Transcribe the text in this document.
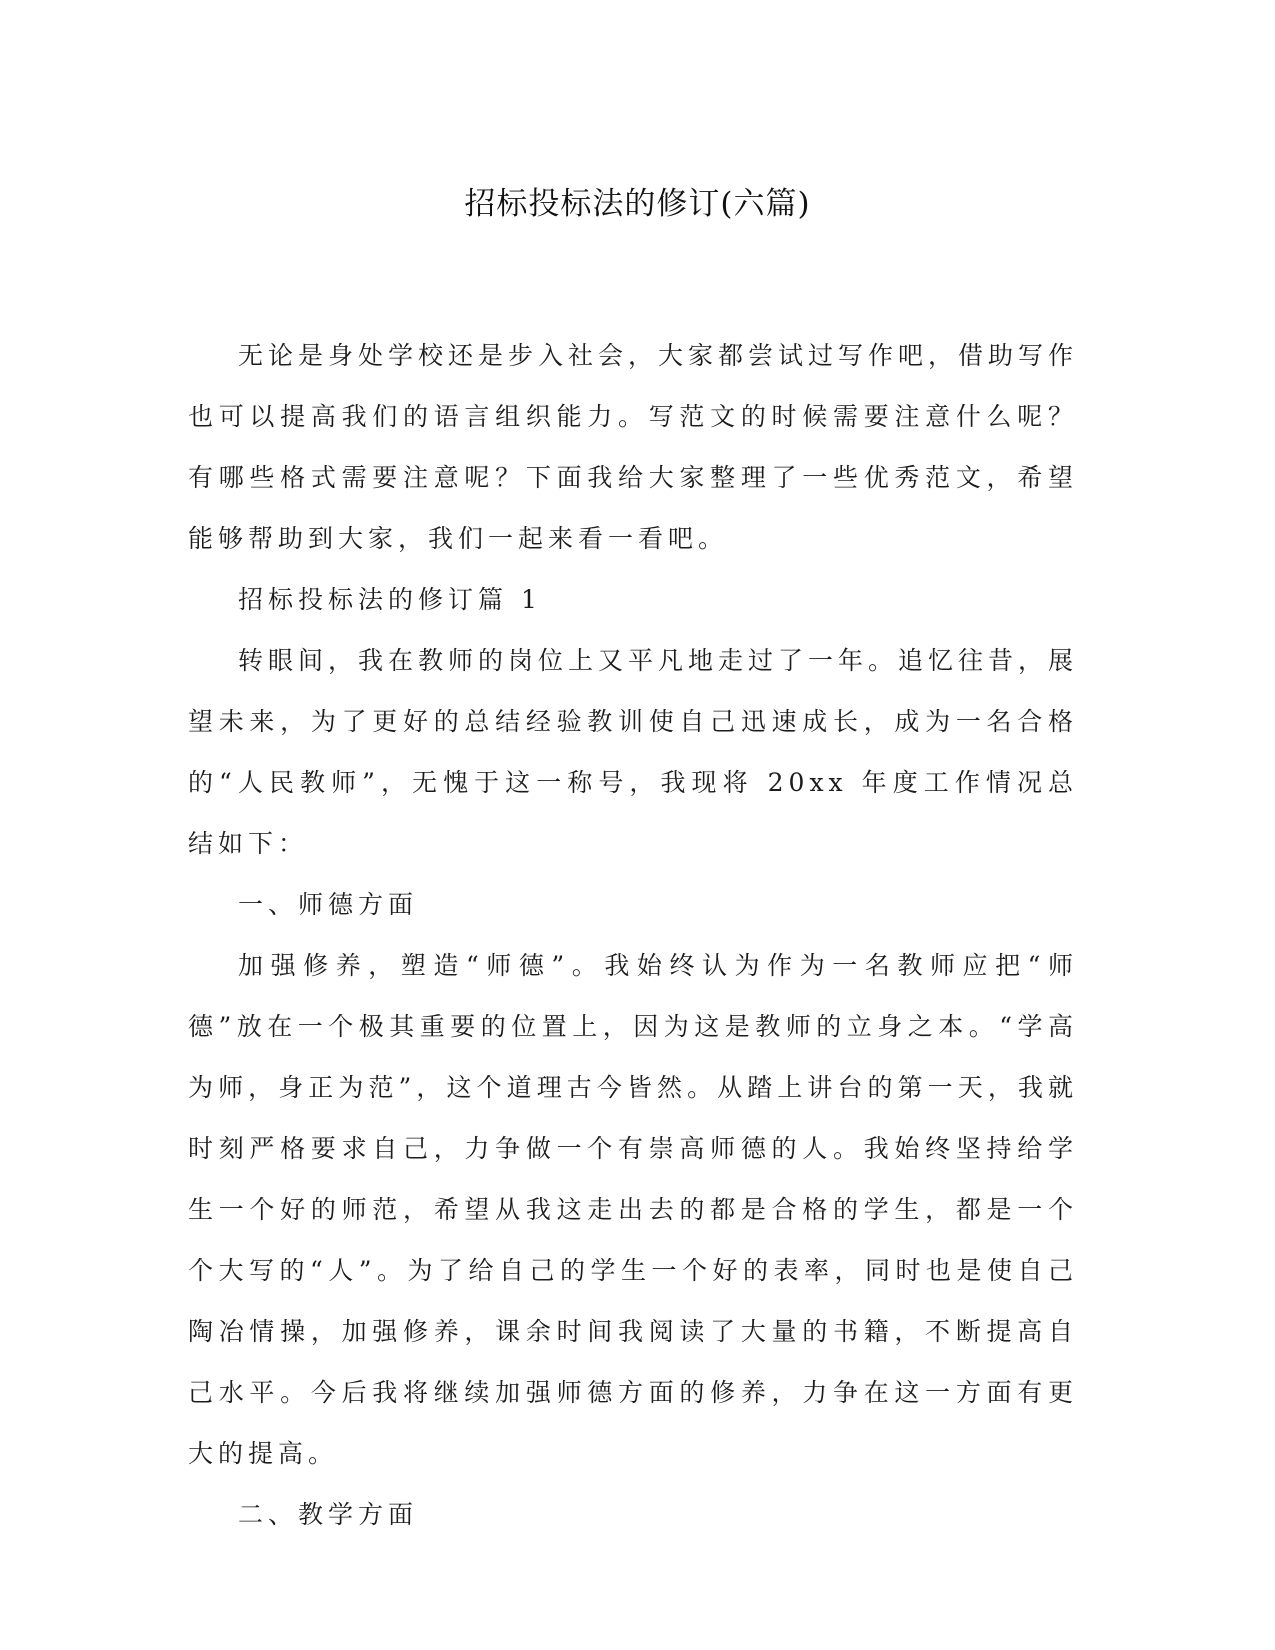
招标投标法的修订(六篇)

无论是身处学校还是步入社会，大家都尝试过写作吧，借助写作也可以提高我们的语言组织能力。写范文的时候需要注意什么呢？有哪些格式需要注意呢？下面我给大家整理了一些优秀范文，希望能够帮助到大家，我们一起来看一看吧。

招标投标法的修订篇 1

转眼间，我在教师的岗位上又平凡地走过了一年。追忆往昔，展望未来，为了更好的总结经验教训使自己迅速成长，成为一名合格的“人民教师”，无愧于这一称号，我现将 20xx 年度工作情况总结如下：

一、师德方面

加强修养，塑造“师德”。我始终认为作为一名教师应把“师德”放在一个极其重要的位置上，因为这是教师的立身之本。“学高为师，身正为范”，这个道理古今皆然。从踏上讲台的第一天，我就时刻严格要求自己，力争做一个有崇高师德的人。我始终坚持给学生一个好的师范，希望从我这走出去的都是合格的学生，都是一个个大写的“人”。为了给自己的学生一个好的表率，同时也是使自己陶冶情操，加强修养，课余时间我阅读了大量的书籍，不断提高自己水平。今后我将继续加强师德方面的修养，力争在这一方面有更大的提高。

二、教学方面
